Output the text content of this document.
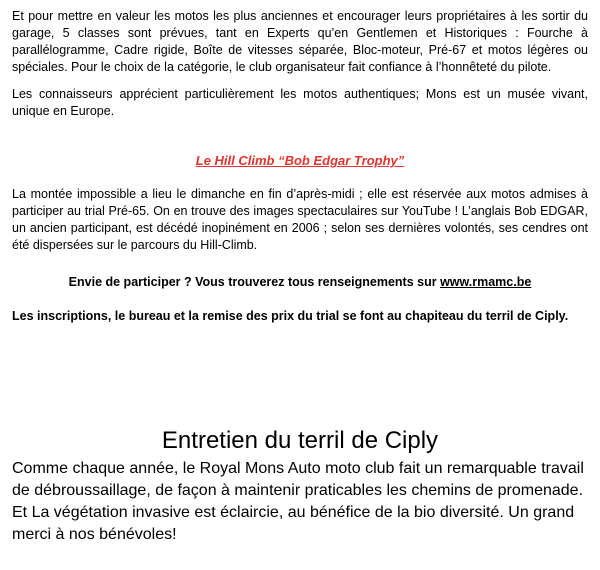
Et pour mettre en valeur les motos les plus anciennes et encourager leurs propriétaires à les sortir du garage, 5 classes sont prévues, tant en Experts qu’en Gentlemen et Historiques : Fourche à parallélogramme, Cadre rigide, Boîte de vitesses séparée, Bloc-moteur, Pré-67 et motos légères ou spéciales. Pour le choix de la catégorie, le club organisateur fait confiance à l’honnêteté du pilote.

Les connaisseurs apprécient particulièrement les motos authentiques; Mons est un musée vivant, unique en Europe.

Le Hill Climb “Bob Edgar Trophy”

La montée impossible a lieu le dimanche en fin d’après-midi ; elle est réservée aux motos admises à participer au trial Pré-65. On en trouve des images spectaculaires sur YouTube ! L’anglais Bob EDGAR, un ancien participant, est décédé inopinément en 2006 ; selon ses dernières volontés, ses cendres ont été dispersées sur le parcours du Hill-Climb.

Envie de participer ? Vous trouverez tous renseignements sur www.rmamc.be

Les inscriptions, le bureau et la remise des prix du trial se font au chapiteau du terril de Ciply.

Entretien du terril de Ciply

Comme chaque année, le Royal Mons Auto moto club fait un remarquable travail de débroussaillage, de façon à maintenir praticables les chemins de promenade. Et La végétation invasive est éclaircie, au bénéfice de la bio diversité. Un grand merci à nos bénévoles!
